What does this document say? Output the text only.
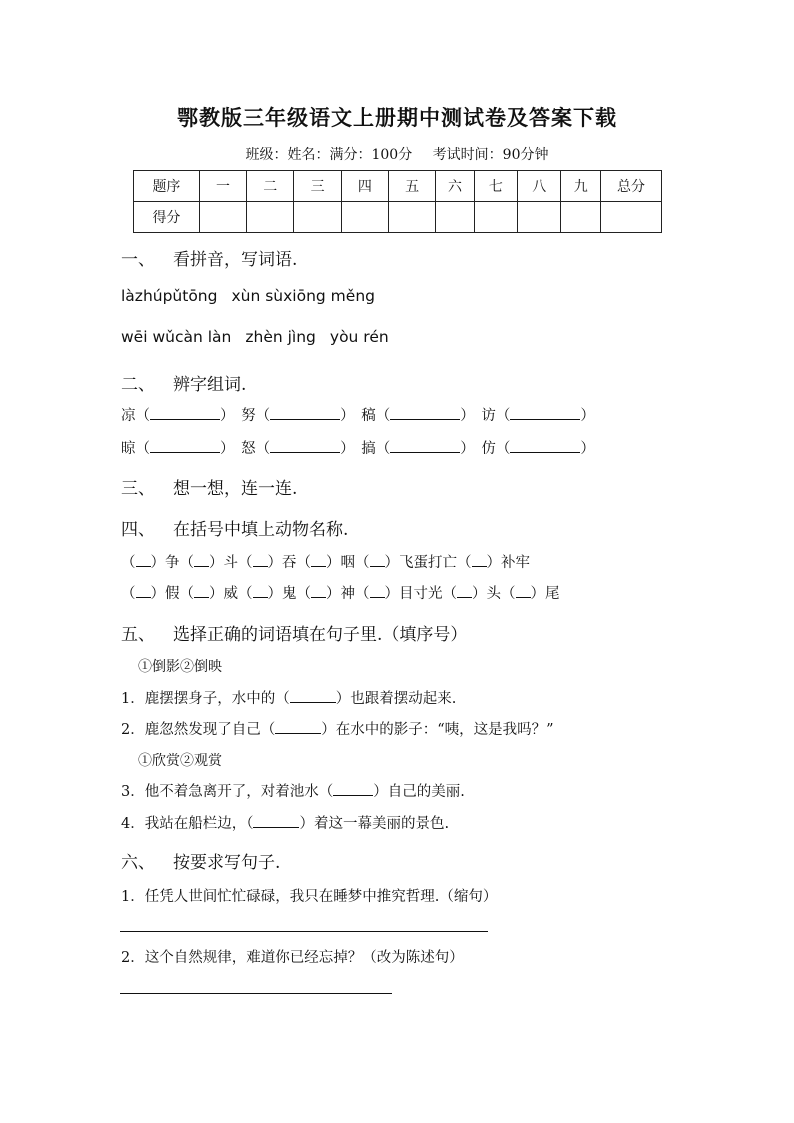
鄂教版三年级语文上册期中测试卷及答案下载
班级：姓名：满分：100分 考试时间：90分钟
题序	一	二	三	四	五	六	七	八	九	总分
得分										
一、 看拼音，写词语.
làzhúpǔtōng xùn sùxiōng měng
wēi wǔcàn làn zhèn jìng yòu rén
二、 辨字组词.
凉（	） 努（	） 稿（	） 访（	）
晾（	） 怒（	） 搞（	） 仿（	）
三、 想一想，连一连.
四、 在括号中填上动物名称.
（ ）争（ ）斗（ ）吞（ ）咽（ ）飞蛋打亡（ ）补牢
（ ）假（ ）威（ ）鬼（ ）神（ ）目寸光（ ）头（ ）尾
五、 选择正确的词语填在句子里.（填序号）
①倒影②倒映
1．鹿摆摆身子，水中的（	）也跟着摆动起来.
2．鹿忽然发现了自己（	）在水中的影子：“咦，这是我吗？”
①欣赏②观赏
3．他不着急离开了，对着池水（	）自己的美丽.
4．我站在船栏边，（	）着这一幕美丽的景色.
六、 按要求写句子.
1．任凭人世间忙忙碌碌，我只在睡梦中推究哲理.（缩句）
2．这个自然规律，难道你已经忘掉？（改为陈述句）
